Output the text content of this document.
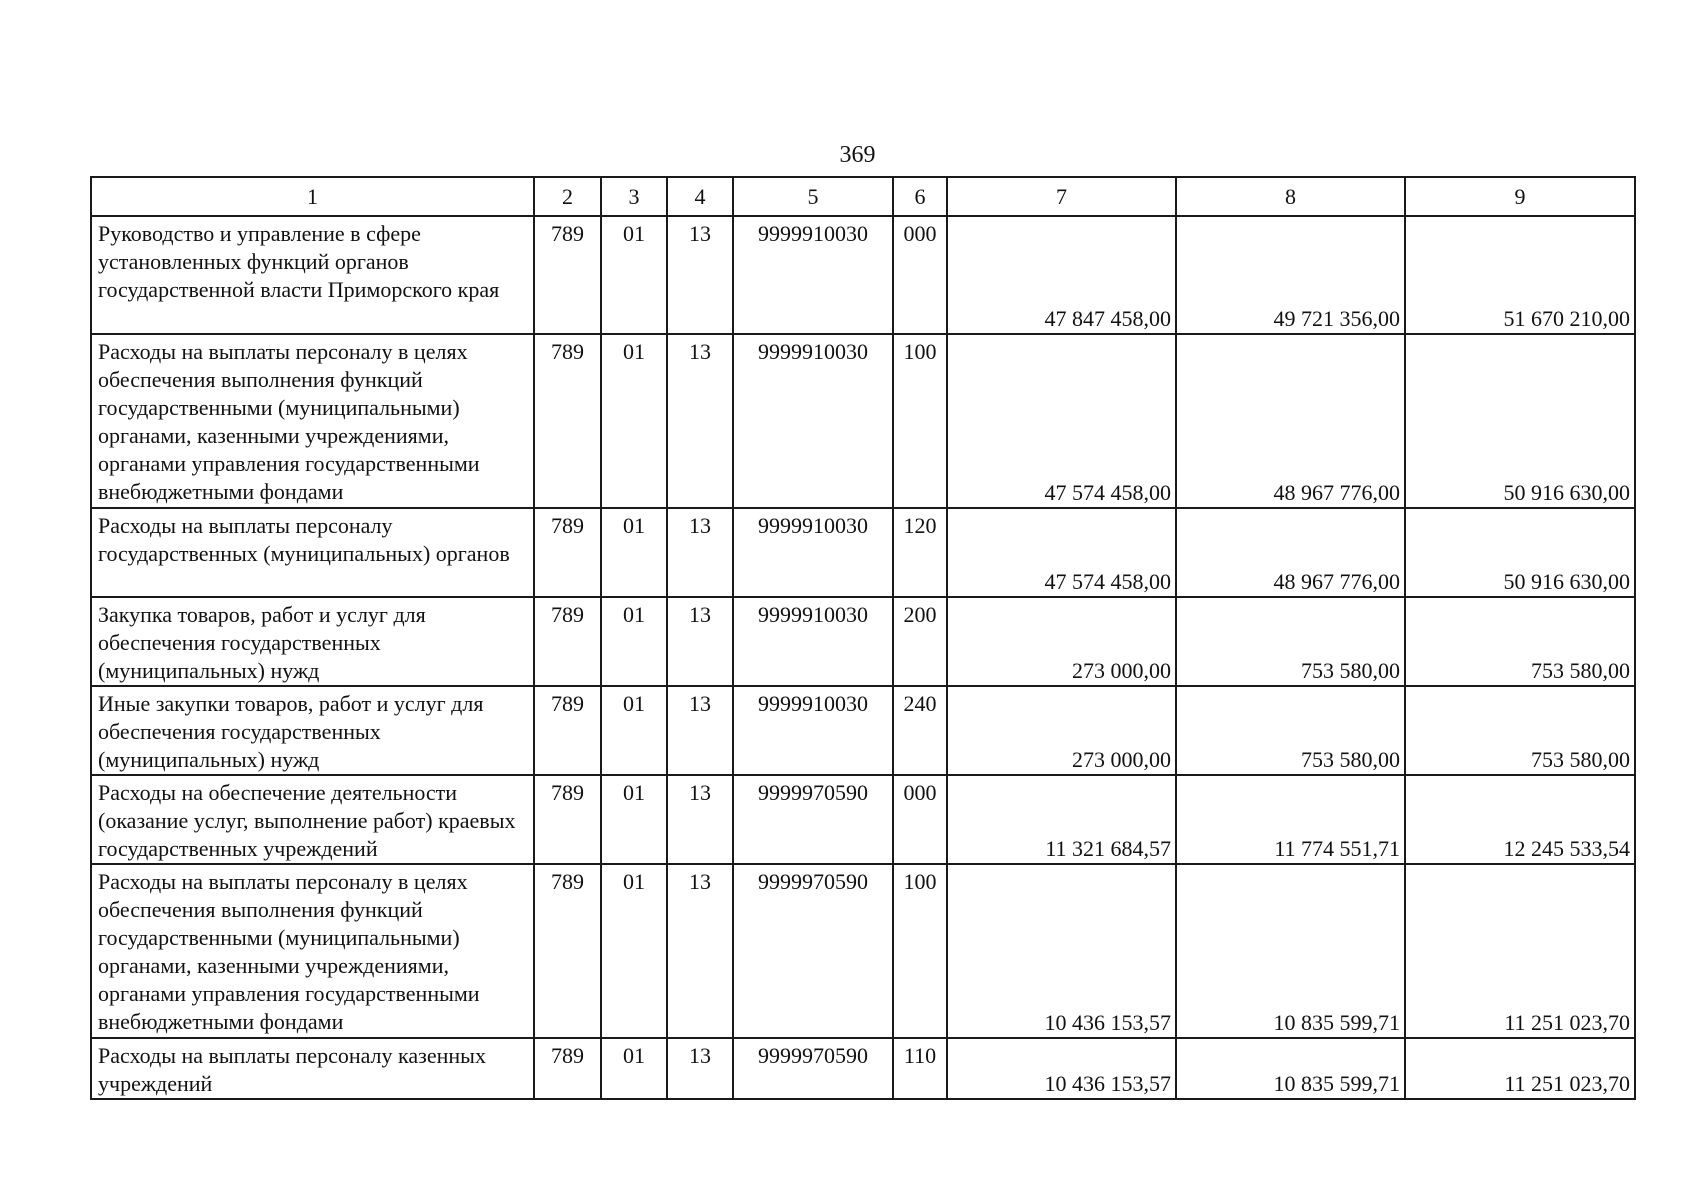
369
1	2	3	4	5	6	7	8	9
Руководство и управление в сфере установленных функций органов государственной власти Приморского края	789	01	13	9999910030	000	47 847 458,00	49 721 356,00	51 670 210,00
Расходы на выплаты персоналу в целях обеспечения выполнения функций государственными (муниципальными) органами, казенными учреждениями, органами управления государственными внебюджетными фондами	789	01	13	9999910030	100	47 574 458,00	48 967 776,00	50 916 630,00
Расходы на выплаты персоналу государственных (муниципальных) органов	789	01	13	9999910030	120	47 574 458,00	48 967 776,00	50 916 630,00
Закупка товаров, работ и услуг для обеспечения государственных (муниципальных) нужд	789	01	13	9999910030	200	273 000,00	753 580,00	753 580,00
Иные закупки товаров, работ и услуг для обеспечения государственных (муниципальных) нужд	789	01	13	9999910030	240	273 000,00	753 580,00	753 580,00
Расходы на обеспечение деятельности (оказание услуг, выполнение работ) краевых государственных учреждений	789	01	13	9999970590	000	11 321 684,57	11 774 551,71	12 245 533,54
Расходы на выплаты персоналу в целях обеспечения выполнения функций государственными (муниципальными) органами, казенными учреждениями, органами управления государственными внебюджетными фондами	789	01	13	9999970590	100	10 436 153,57	10 835 599,71	11 251 023,70
Расходы на выплаты персоналу казенных учреждений	789	01	13	9999970590	110	10 436 153,57	10 835 599,71	11 251 023,70
